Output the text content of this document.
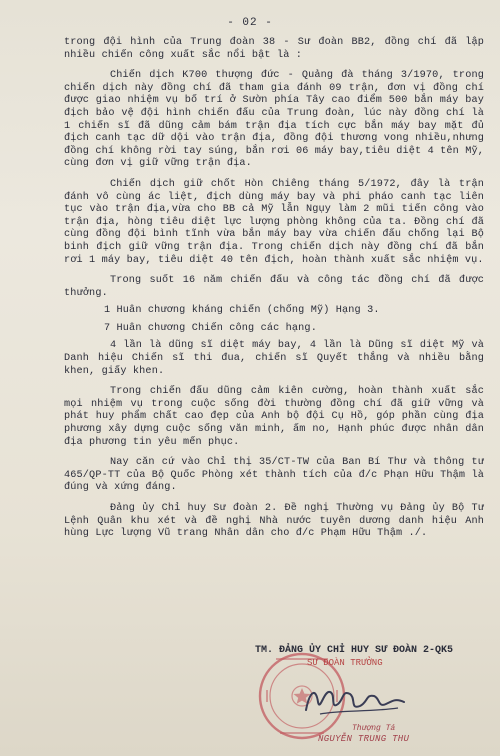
- 02 -

trong đội hình của Trung đoàn 38 - Sư đoàn BB2, đồng chí đã lập nhiều chiến công xuất sắc nổi bật là :

Chiến dịch K700 thượng đức - Quảng đà tháng 3/1970, trong chiến dịch này đồng chí đã tham gia đánh 09 trận, đơn vị đồng chí được giao nhiệm vụ bố trí ở Sườn phía Tây cao điểm 500 bắn máy bay địch bảo vệ đội hình chiến đấu của Trung đoàn, lúc này đồng chí là 1 chiến sĩ đã dũng cảm bám trận địa tích cực bắn máy bay mặt đủ địch canh tạc dữ dội vào trận địa, đồng đội thương vong nhiều,nhưng đồng chí không rời tay súng, bắn rơi 06 máy bay,tiêu diệt 4 tên Mỹ, cùng đơn vị giữ vững trận địa.

Chiến dịch giữ chốt Hòn Chiêng tháng 5/1972, đây là trận đánh vô cùng ác liệt, địch dùng máy bay và phi pháo canh tạc liên tục vào trận địa,vừa cho BB cả Mỹ lẫn Ngụy làm 2 mũi tiến công vào trận địa, hòng tiêu diệt lực lượng phòng không của ta. Đồng chí đã cùng đồng đội bình tĩnh vừa bắn máy bay vừa chiến đấu chống lại Bộ binh địch giữ vững trận địa. Trong chiến dịch này đồng chí đã bắn rơi 1 máy bay, tiêu diệt 40 tên địch, hoàn thành xuất sắc nhiệm vụ.

Trong suốt 16 năm chiến đấu và công tác đồng chí đã được thưởng.

1 Huân chương kháng chiến (chống Mỹ) Hạng 3.

7 Huân chương Chiến công các hạng.

4 lần là dũng sĩ diệt máy bay, 4 lần là Dũng sĩ diệt Mỹ và Danh hiệu Chiến sĩ thi đua, chiến sĩ Quyết thắng và nhiều bằng khen, giấy khen.

Trong chiến đấu dũng cảm kiên cường, hoàn thành xuất sắc mọi nhiệm vụ trong cuộc sống đời thường đồng chí đã giữ vững và phát huy phẩm chất cao đẹp của Anh bộ đội Cụ Hồ, góp phần cùng địa phương xây dựng cuộc sống văn minh, ấm no, Hạnh phúc được nhân dân địa phương tin yêu mến phục.

Nay căn cứ vào Chỉ thị 35/CT-TW của Ban Bí Thư và thông tư 465/QP-TT của Bộ Quốc Phòng xét thành tích của đ/c Phạn Hữu Thậm là đúng và xứng đáng.

Đảng ủy Chỉ huy Sư đoàn 2. Đề nghị Thường vụ Đảng ủy Bộ Tư Lệnh Quân khu xét và đề nghị Nhà nước tuyên dương danh hiệu Anh hùng Lực lượng Vũ trang Nhân dân cho đ/c Phạm Hữu Thậm ./.

TM. ĐẢNG ỦY CHỈ HUY SƯ ĐOÀN 2-QK5
SƯ ĐOÀN TRƯỞNG
Thượng Tá
NGUYỄN TRUNG THU
